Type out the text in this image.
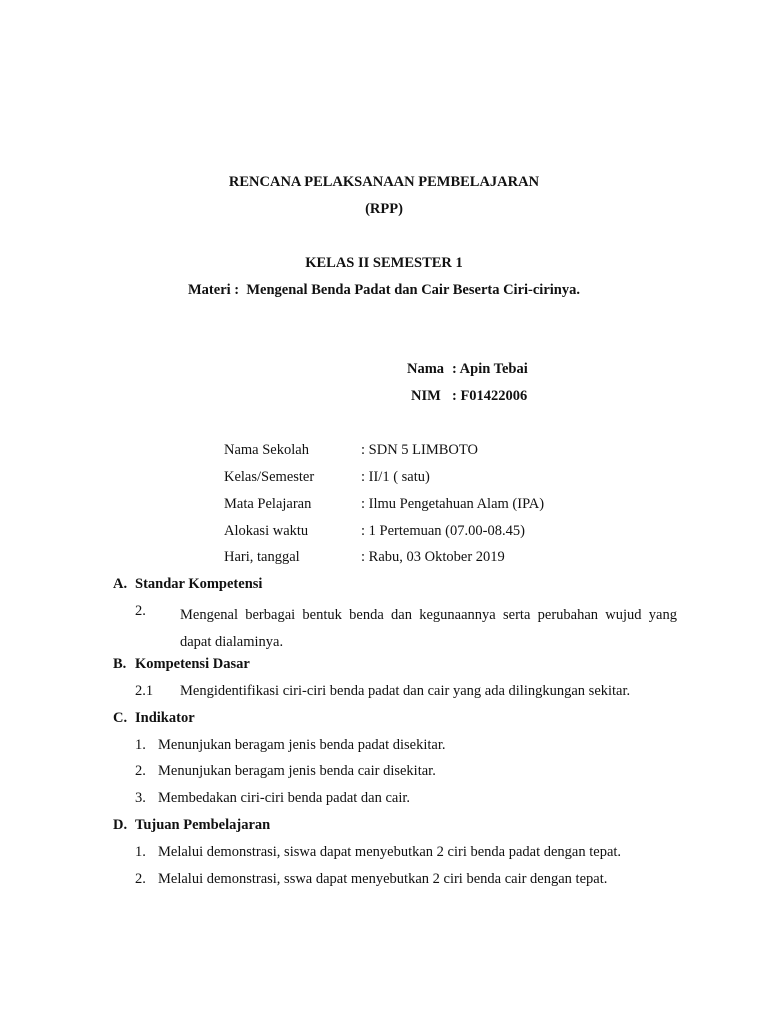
RENCANA PELAKSANAAN PEMBELAJARAN
(RPP)
KELAS II SEMESTER 1
Materi : Mengenal Benda Padat dan Cair Beserta Ciri-cirinya.
Nama : Apin Tebai
NIM : F01422006
Nama Sekolah	: SDN 5 LIMBOTO
Kelas/Semester	: II/1 ( satu)
Mata Pelajaran	: Ilmu Pengetahuan Alam (IPA)
Alokasi waktu	: 1 Pertemuan (07.00-08.45)
Hari, tanggal	: Rabu, 03 Oktober 2019
A. Standar Kompetensi
2. Mengenal berbagai bentuk benda dan kegunaannya serta perubahan wujud yang dapat dialaminya.
B. Kompetensi Dasar
2.1 Mengidentifikasi ciri-ciri benda padat dan cair yang ada dilingkungan sekitar.
C. Indikator
1. Menunjukan beragam jenis benda padat disekitar.
2. Menunjukan beragam jenis benda cair disekitar.
3. Membedakan ciri-ciri benda padat dan cair.
D. Tujuan Pembelajaran
1. Melalui demonstrasi, siswa dapat menyebutkan 2 ciri benda padat dengan tepat.
2. Melalui demonstrasi, sswa dapat menyebutkan 2 ciri benda cair dengan tepat.
